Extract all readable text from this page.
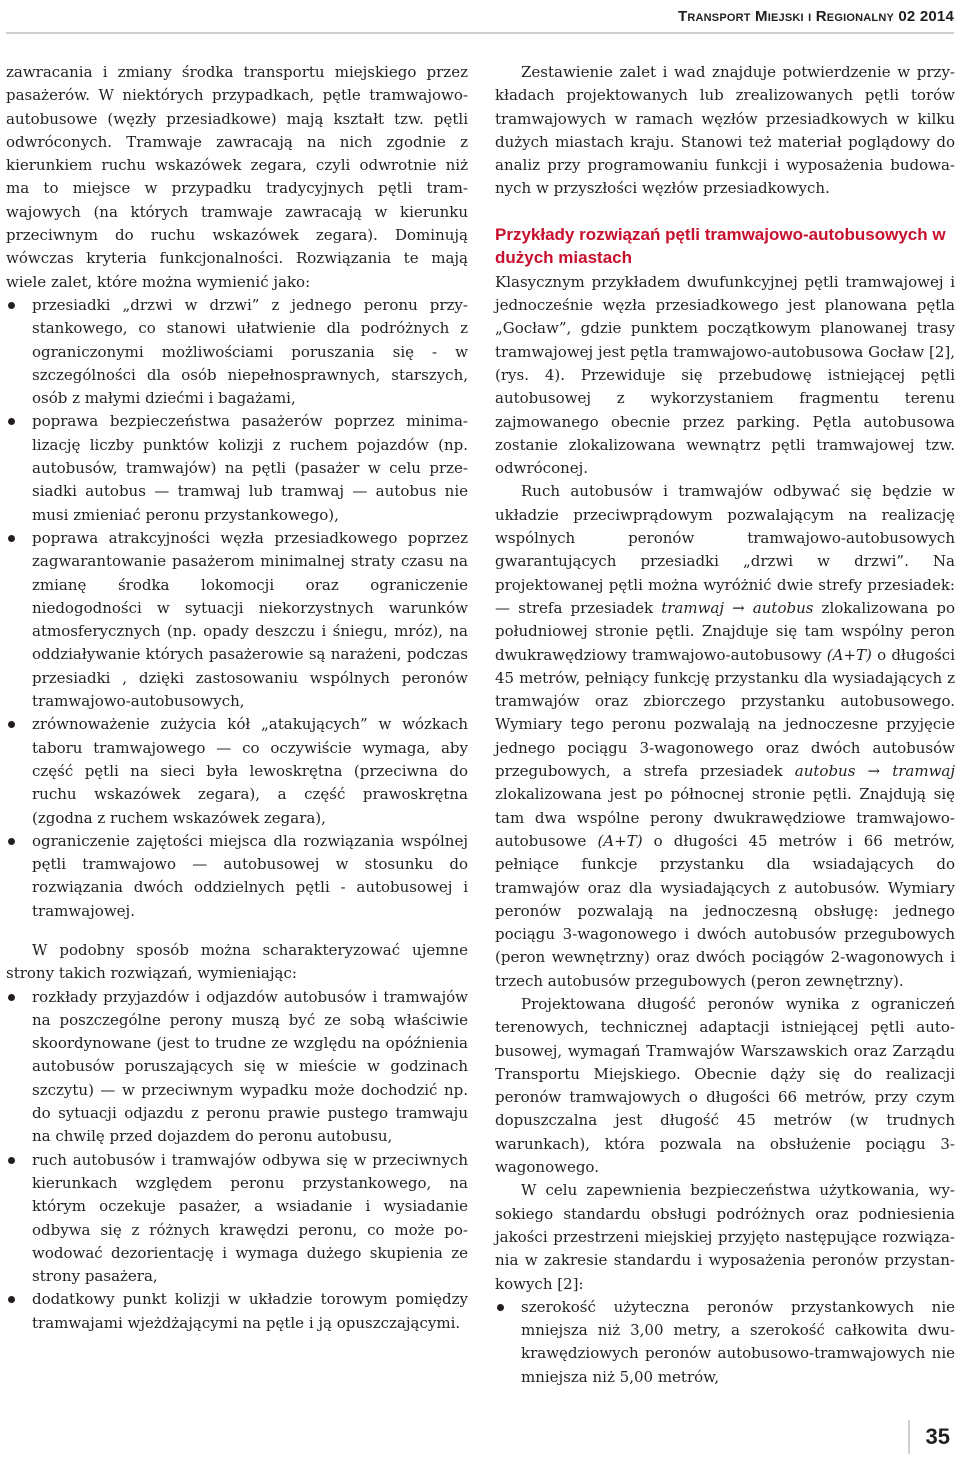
Transport Miejski i Regionalny 02 2014

zawracania i zmiany środka transportu miejskiego przez pasażerów. W niektórych przypadkach, pętle tramwajowo-autobusowe (węzły przesiadkowe) mają kształt tzw. pętli odwróconych. Tramwaje zawracają na nich zgodnie z kierunkiem ruchu wskazówek zegara, czyli odwrotnie niż ma to miejsce w przypadku tradycyjnych pętli tramwajowych (na których tramwaje zawracają w kierunku przeciwnym do ruchu wskazówek zegara). Dominują wówczas kryteria funkcjonalności. Rozwiązania te mają wiele zalet, które można wymienić jako:

przesiadki „drzwi w drzwi” z jednego peronu przystankowego, co stanowi ułatwienie dla podróżnych z ograniczonymi możliwościami poruszania się - w szczególności dla osób niepełnosprawnych, starszych, osób z małymi dziećmi i bagażami,
poprawa bezpieczeństwa pasażerów poprzez minimalizację liczby punktów kolizji z ruchem pojazdów (np. autobusów, tramwajów) na pętli (pasażer w celu przesiadki autobus — tramwaj lub tramwaj — autobus nie musi zmieniać peronu przystankowego),
poprawa atrakcyjności węzła przesiadkowego poprzez zagwarantowanie pasażerom minimalnej straty czasu na zmianę środka lokomocji oraz ograniczenie niedogodności w sytuacji niekorzystnych warunków atmosferycznych (np. opady deszczu i śniegu, mróz), na oddziaływanie których pasażerowie są narażeni, podczas przesiadki , dzięki zastosowaniu wspólnych peronów tramwajowo-autobusowych,
zrównoważenie zużycia kół „atakujących” w wózkach taboru tramwajowego — co oczywiście wymaga, aby część pętli na sieci była lewoskrętna (przeciwna do ruchu wskazówek zegara), a część prawoskrętna (zgodna z ruchem wskazówek zegara),
ograniczenie zajętości miejsca dla rozwiązania wspólnej pętli tramwajowo — autobusowej w stosunku do rozwiązania dwóch oddzielnych pętli - autobusowej i tramwajowej.

W podobny sposób można scharakteryzować ujemne strony takich rozwiązań, wymieniając:

rozkłady przyjazdów i odjazdów autobusów i tramwajów na poszczególne perony muszą być ze sobą właściwie skoordynowane (jest to trudne ze względu na opóźnienia autobusów poruszających się w mieście w godzinach szczytu) — w przeciwnym wypadku może dochodzić np. do sytuacji odjazdu z peronu prawie pustego tramwaju na chwilę przed dojazdem do peronu autobusu,
ruch autobusów i tramwajów odbywa się w przeciwnych kierunkach względem peronu przystankowego, na którym oczekuje pasażer, a wsiadanie i wysiadanie odbywa się z różnych krawędzi peronu, co może powodować dezorientację i wymaga dużego skupienia ze strony pasażera,
dodatkowy punkt kolizji w układzie torowym pomiędzy tramwajami wjeżdżającymi na pętle i ją opuszczającymi.

Zestawienie zalet i wad znajduje potwierdzenie w przykładach projektowanych lub zrealizowanych pętli torów tramwajowych w ramach węzłów przesiadkowych w kilku dużych miastach kraju. Stanowi też materiał poglądowy do analiz przy programowaniu funkcji i wyposażenia budowanych w przyszłości węzłów przesiadkowych.

Przykłady rozwiązań pętli tramwajowo-autobusowych w dużych miastach

Klasycznym przykładem dwufunkcyjnej pętli tramwajowej i jednocześnie węzła przesiadkowego jest planowana pętla „Gocław”, gdzie punktem początkowym planowanej trasy tramwajowej jest pętla tramwajowo-autobusowa Gocław [2], (rys. 4). Przewiduje się przebudowę istniejącej pętli autobusowej z wykorzystaniem fragmentu terenu zajmowanego obecnie przez parking. Pętla autobusowa zostanie zlokalizowana wewnątrz pętli tramwajowej tzw. odwróconej.

Ruch autobusów i tramwajów odbywać się będzie w układzie przeciwprądowym pozwalającym na realizację wspólnych peronów tramwajowo-autobusowych gwarantujących przesiadki „drzwi w drzwi”. Na projektowanej pętli można wyróżnić dwie strefy przesiadek: — strefa przesiadek tramwaj → autobus zlokalizowana po południowej stronie pętli. Znajduje się tam wspólny peron dwukrawędziowy tramwajowo-autobusowy (A+T) o długości 45 metrów, pełniący funkcję przystanku dla wysiadających z tramwajów oraz zbiorczego przystanku autobusowego. Wymiary tego peronu pozwalają na jednoczesne przyjęcie jednego pociągu 3-wagonowego oraz dwóch autobusów przegubowych, a strefa przesiadek autobus → tramwaj zlokalizowana jest po północnej stronie pętli. Znajdują się tam dwa wspólne perony dwukrawędziowe tramwajowo-autobusowe (A+T) o długości 45 metrów i 66 metrów, pełniące funkcje przystanku dla wsiadających do tramwajów oraz dla wysiadających z autobusów. Wymiary peronów pozwalają na jednoczesną obsługę: jednego pociągu 3-wagonowego i dwóch autobusów przegubowych (peron wewnętrzny) oraz dwóch pociągów 2-wagonowych i trzech autobusów przegubowych (peron zewnętrzny).

Projektowana długość peronów wynika z ograniczeń terenowych, technicznej adaptacji istniejącej pętli autobusowej, wymagań Tramwajów Warszawskich oraz Zarządu Transportu Miejskiego. Obecnie dąży się do realizacji peronów tramwajowych o długości 66 metrów, przy czym dopuszczalna jest długość 45 metrów (w trudnych warunkach), która pozwala na obsłużenie pociągu 3-wagonowego.

W celu zapewnienia bezpieczeństwa użytkowania, wysokiego standardu obsługi podróżnych oraz podniesienia jakości przestrzeni miejskiej przyjęto następujące rozwiązania w zakresie standardu i wyposażenia peronów przystankowych [2]:

szerokość użyteczna peronów przystankowych nie mniejsza niż 3,00 metry, a szerokość całkowita dwukrawędziowych peronów autobusowo-tramwajowych nie mniejsza niż 5,00 metrów,
35
